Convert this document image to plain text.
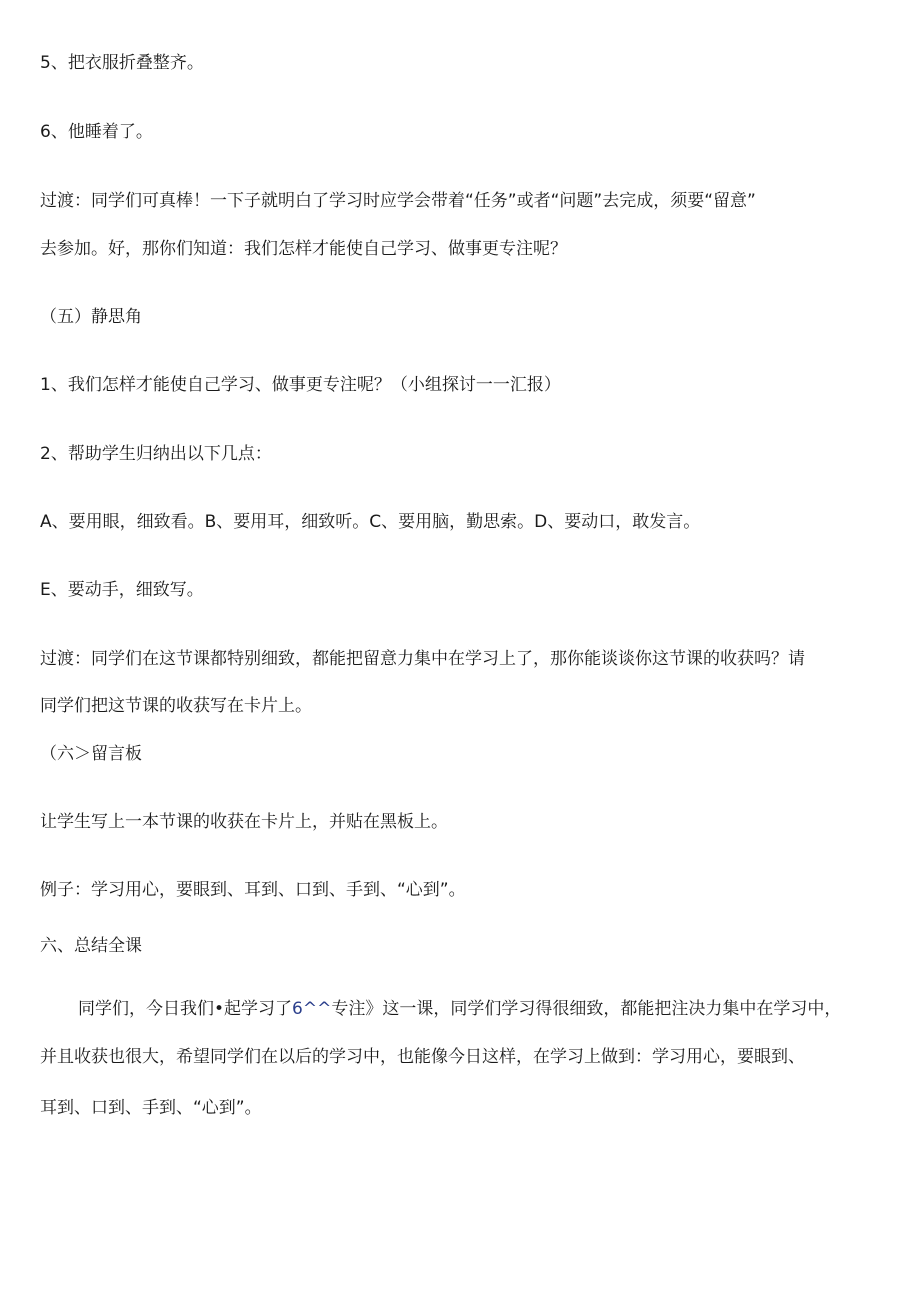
5、把衣服折叠整齐。
6、他睡着了。
过渡：同学们可真棒！一下子就明白了学习时应学会带着“任务”或者“问题”去完成，须要“留意”
去参加。好，那你们知道：我们怎样才能使自己学习、做事更专注呢？
（五）静思角
1、我们怎样才能使自己学习、做事更专注呢？（小组探讨一一汇报）
2、帮助学生归纳出以下几点：
A、要用眼，细致看。B、要用耳，细致听。C、要用脑，勤思索。D、要动口，敢发言。
E、要动手，细致写。
过渡：同学们在这节课都特别细致，都能把留意力集中在学习上了，那你能谈谈你这节课的收获吗？请
同学们把这节课的收获写在卡片上。
（六＞留言板
让学生写上一本节课的收获在卡片上，并贴在黑板上。
例子：学习用心，要眼到、耳到、口到、手到、“心到”。
六、总结全课
同学们，今日我们•起学习了6^^专注》这一课，同学们学习得很细致，都能把注决力集中在学习中，
并且收获也很大，希望同学们在以后的学习中，也能像今日这样，在学习上做到：学习用心，要眼到、
耳到、口到、手到、“心到”。
